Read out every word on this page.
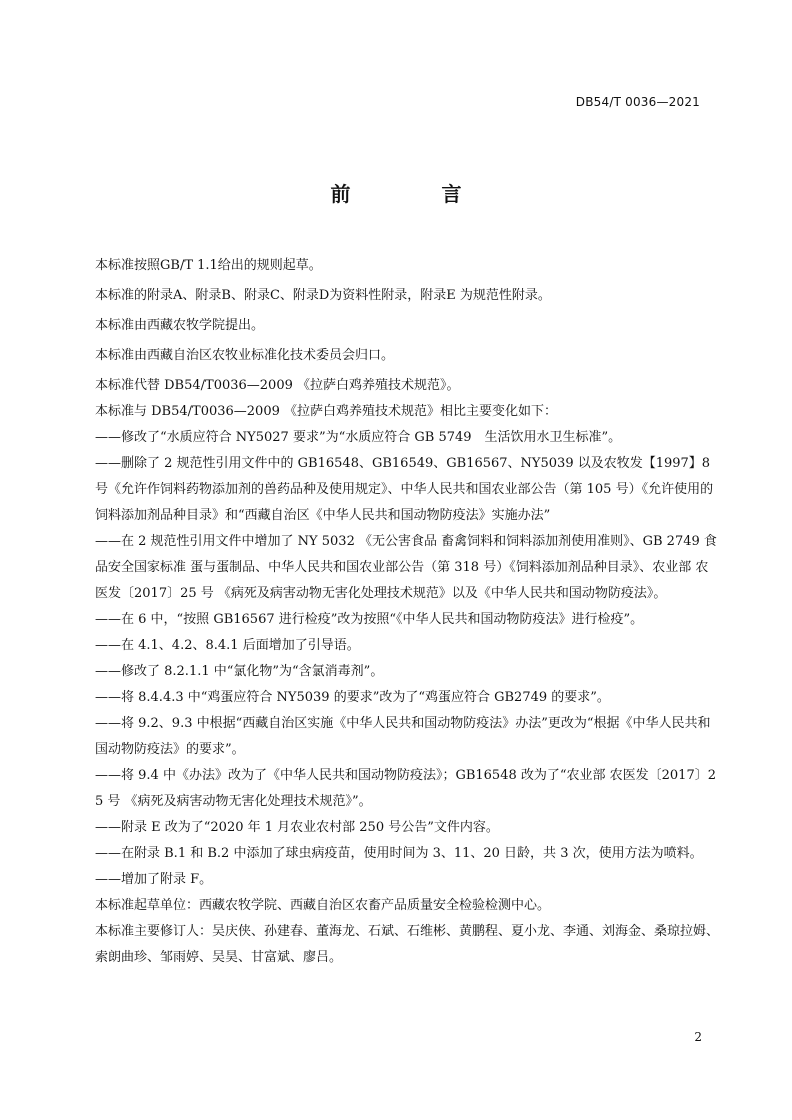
DB54/T 0036—2021
前 言

本标准按照GB/T 1.1给出的规则起草。

本标准的附录A、附录B、附录C、附录D为资料性附录，附录E 为规范性附录。

本标准由西藏农牧学院提出。

本标准由西藏自治区农牧业标准化技术委员会归口。

本标准代替 DB54/T0036—2009 《拉萨白鸡养殖技术规范》。

本标准与 DB54/T0036—2009 《拉萨白鸡养殖技术规范》相比主要变化如下：

——修改了“水质应符合 NY5027 要求”为“水质应符合 GB 5749　生活饮用水卫生标准”。

——删除了 2 规范性引用文件中的 GB16548、GB16549、GB16567、NY5039 以及农牧发【1997】8 号《允许作饲料药物添加剂的兽药品种及使用规定》、中华人民共和国农业部公告（第 105 号）《允许使用的饲料添加剂品种目录》和“西藏自治区《中华人民共和国动物防疫法》实施办法”

——在 2 规范性引用文件中增加了 NY 5032 《无公害食品 畜禽饲料和饲料添加剂使用准则》、GB 2749 食品安全国家标准 蛋与蛋制品、中华人民共和国农业部公告（第 318 号）《饲料添加剂品种目录》、农业部 农医发〔2017〕25 号 《病死及病害动物无害化处理技术规范》以及《中华人民共和国动物防疫法》。

——在 6 中，“按照 GB16567 进行检疫”改为按照“《中华人民共和国动物防疫法》进行检疫”。

——在 4.1、4.2、8.4.1 后面增加了引导语。

——修改了 8.2.1.1 中“氯化物”为“含氯消毒剂”。

——将 8.4.4.3 中“鸡蛋应符合 NY5039 的要求”改为了“鸡蛋应符合 GB2749 的要求”。

——将 9.2、9.3 中根据“西藏自治区实施《中华人民共和国动物防疫法》办法”更改为“根据《中华人民共和国动物防疫法》的要求”。

——将 9.4 中《办法》改为了《中华人民共和国动物防疫法》；GB16548 改为了“农业部 农医发〔2017〕25 号 《病死及病害动物无害化处理技术规范》”。

——附录 E 改为了“2020 年 1 月农业农村部 250 号公告”文件内容。

——在附录 B.1 和 B.2 中添加了球虫病疫苗，使用时间为 3、11、20 日龄，共 3 次，使用方法为喷料。

——增加了附录 F。

本标准起草单位：西藏农牧学院、西藏自治区农畜产品质量安全检验检测中心。

本标准主要修订人：吴庆侠、孙建春、董海龙、石斌、石维彬、黄鹏程、夏小龙、李通、刘海金、桑琼拉姆、索朗曲珍、邹雨婷、吴昊、甘富斌、廖吕。

2
